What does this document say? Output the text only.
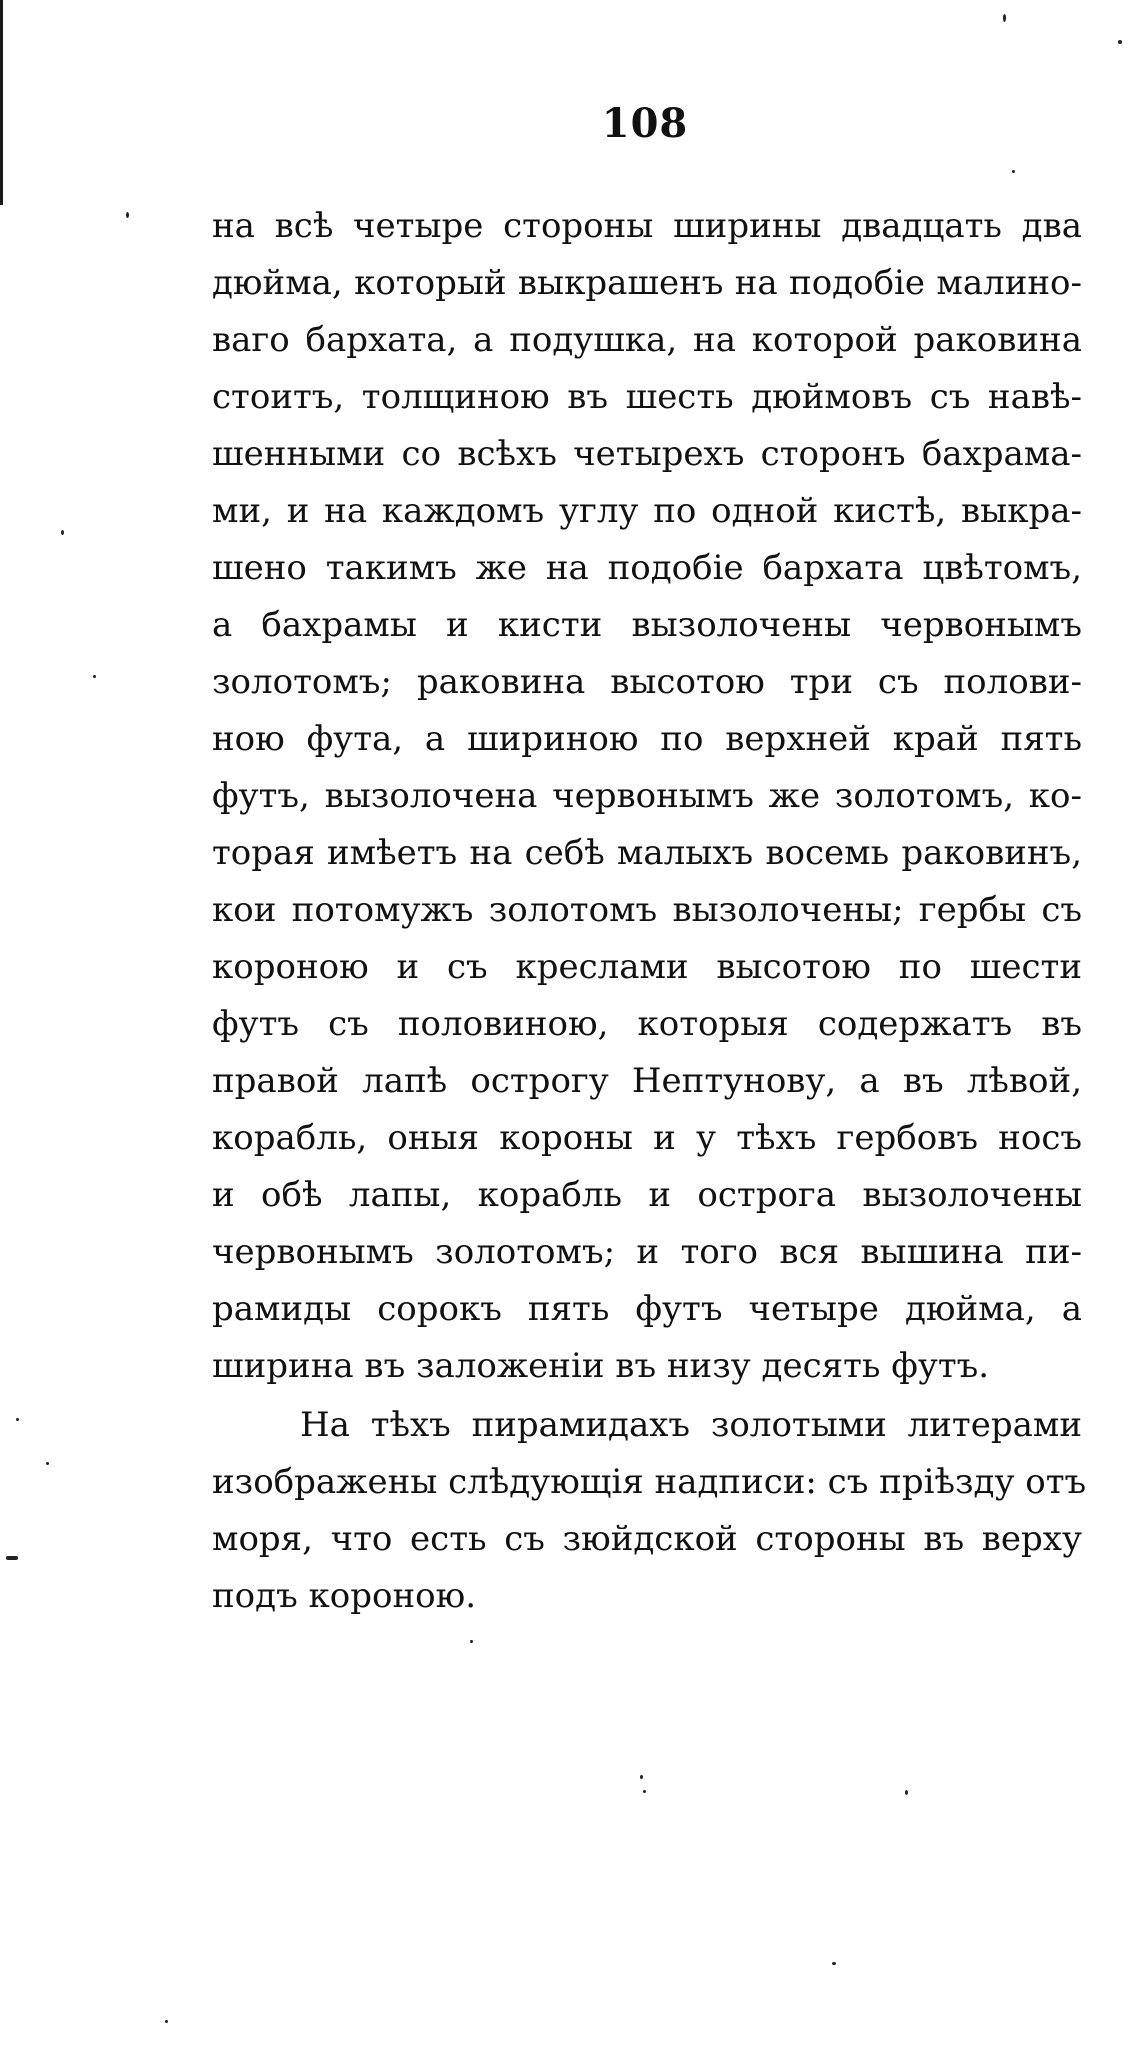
108
на всѣ четыре стороны ширины двадцать два
дюйма, который выкрашенъ на подобіе малино-
ваго бархата, а подушка, на которой раковина
стоитъ, толщиною въ шесть дюймовъ съ навѣ-
шенными со всѣхъ четырехъ сторонъ бахрама-
ми, и на каждомъ углу по одной кистѣ, выкра-
шено такимъ же на подобіе бархата цвѣтомъ,
а бахрамы и кисти вызолочены червонымъ
золотомъ; раковина высотою три съ полови-
ною фута, а шириною по верхней край пять
футъ, вызолочена червонымъ же золотомъ, ко-
торая имѣетъ на себѣ малыхъ восемь раковинъ,
кои потомужъ золотомъ вызолочены; гербы съ
короною и съ креслами высотою по шести
футъ съ половиною, которыя содержатъ въ
правой лапѣ острогу Нептунову, а въ лѣвой,
корабль, оныя короны и у тѣхъ гербовъ носъ
и обѣ лапы, корабль и острога вызолочены
червонымъ золотомъ; и того вся вышина пи-
рамиды сорокъ пять футъ четыре дюйма, а
ширина въ заложеніи въ низу десять футъ.
На тѣхъ пирамидахъ золотыми литерами
изображены слѣдующія надписи: съ пріѣзду отъ
моря, что есть съ зюйдской стороны въ верху
подъ короною.
